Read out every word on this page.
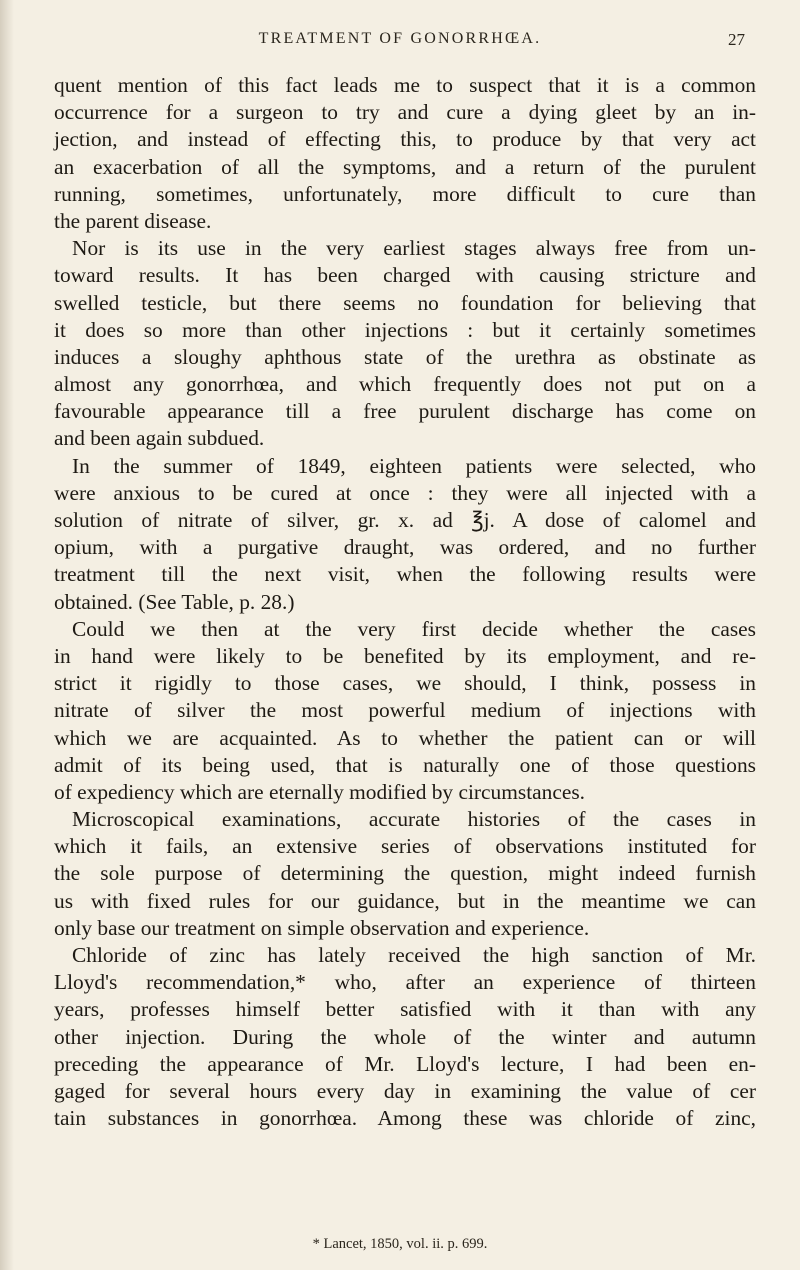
TREATMENT OF GONORRHŒA.	27
quent mention of this fact leads me to suspect that it is a common
occurrence for a surgeon to try and cure a dying gleet by an in-
jection, and instead of effecting this, to produce by that very act
an exacerbation of all the symptoms, and a return of the purulent
running, sometimes, unfortunately, more difficult to cure than
the parent disease.
Nor is its use in the very earliest stages always free from un-
toward results. It has been charged with causing stricture and
swelled testicle, but there seems no foundation for believing that
it does so more than other injections : but it certainly sometimes
induces a sloughy aphthous state of the urethra as obstinate as
almost any gonorrhœa, and which frequently does not put on a
favourable appearance till a free purulent discharge has come on
and been again subdued.
In the summer of 1849, eighteen patients were selected, who
were anxious to be cured at once : they were all injected with a
solution of nitrate of silver, gr. x. ad ℥j. A dose of calomel and
opium, with a purgative draught, was ordered, and no further
treatment till the next visit, when the following results were
obtained. (See Table, p. 28.)
Could we then at the very first decide whether the cases
in hand were likely to be benefited by its employment, and re-
strict it rigidly to those cases, we should, I think, possess in
nitrate of silver the most powerful medium of injections with
which we are acquainted. As to whether the patient can or will
admit of its being used, that is naturally one of those questions
of expediency which are eternally modified by circumstances.
Microscopical examinations, accurate histories of the cases in
which it fails, an extensive series of observations instituted for
the sole purpose of determining the question, might indeed furnish
us with fixed rules for our guidance, but in the meantime we can
only base our treatment on simple observation and experience.
Chloride of zinc has lately received the high sanction of Mr.
Lloyd's recommendation,* who, after an experience of thirteen
years, professes himself better satisfied with it than with any
other injection. During the whole of the winter and autumn
preceding the appearance of Mr. Lloyd's lecture, I had been en-
gaged for several hours every day in examining the value of cer
tain substances in gonorrhœa. Among these was chloride of zinc,
* Lancet, 1850, vol. ii. p. 699.
